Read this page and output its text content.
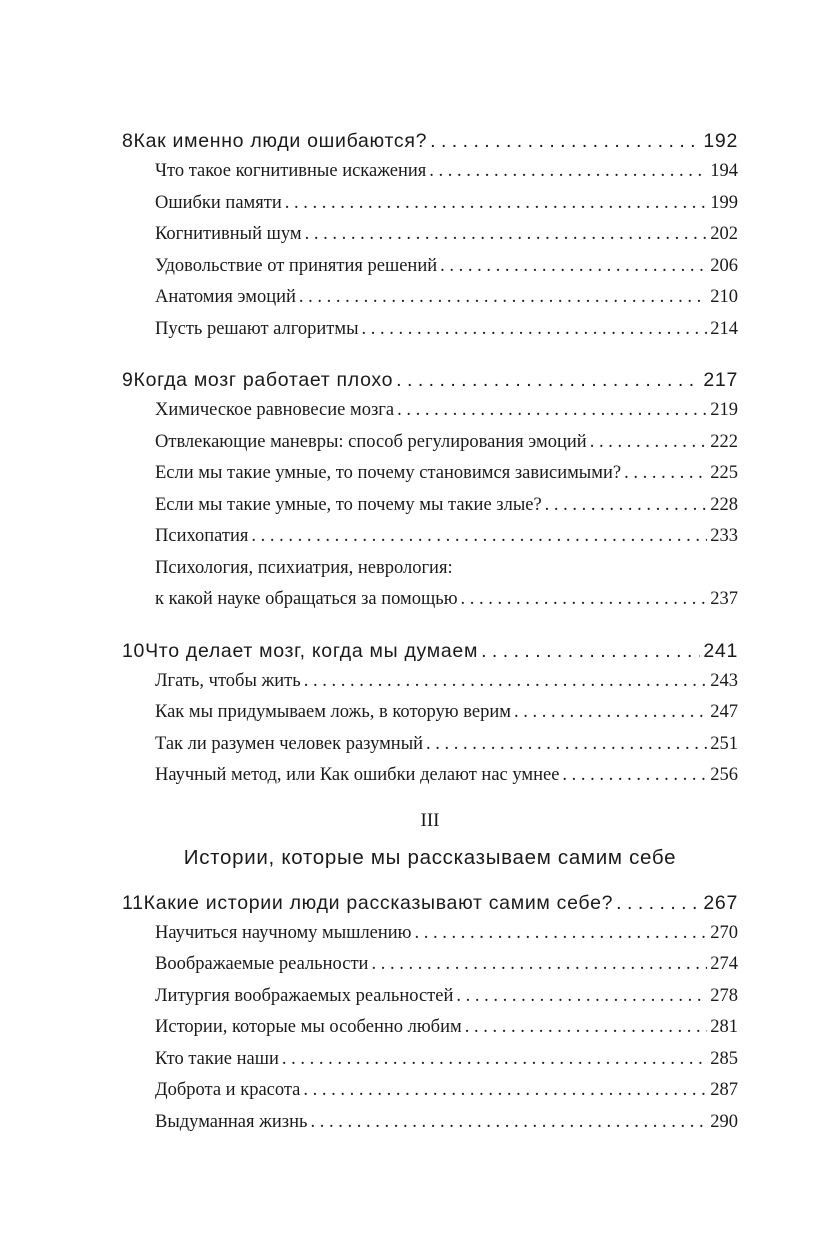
8 Как именно люди ошибаются? . . .	192
Что такое когнитивные искажения . . .	194
Ошибки памяти . . .	199
Когнитивный шум . . .	202
Удовольствие от принятия решений . . .	206
Анатомия эмоций . . .	210
Пусть решают алгоритмы . . .	214
9 Когда мозг работает плохо . . .	217
Химическое равновесие мозга . . .	219
Отвлекающие маневры: способ регулирования эмоций . . .	222
Если мы такие умные, то почему становимся зависимыми? . . .	225
Если мы такие умные, то почему мы такие злые? . . .	228
Психопатия . . .	233
Психология, психиатрия, неврология:
к какой науке обращаться за помощью . . .	237
10 Что делает мозг, когда мы думаем . . .	241
Лгать, чтобы жить . . .	243
Как мы придумываем ложь, в которую верим . . .	247
Так ли разумен человек разумный . . .	251
Научный метод, или Как ошибки делают нас умнее . . .	256
III
Истории, которые мы рассказываем самим себе
11 Какие истории люди рассказывают самим себе? . . .	267
Научиться научному мышлению . . .	270
Воображаемые реальности . . .	274
Литургия воображаемых реальностей . . .	278
Истории, которые мы особенно любим . . .	281
Кто такие наши . . .	285
Доброта и красота . . .	287
Выдуманная жизнь . . .	290
